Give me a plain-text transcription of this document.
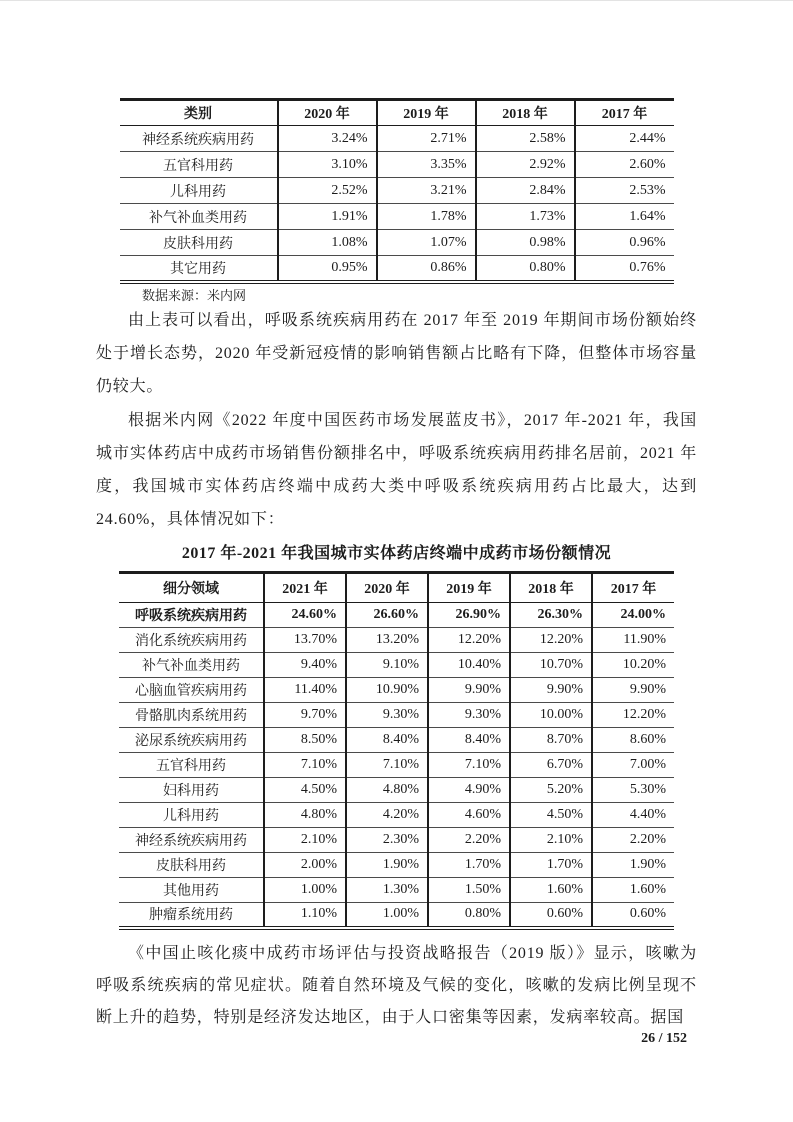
类别	2020 年	2019 年	2018 年	2017 年
神经系统疾病用药	3.24%	2.71%	2.58%	2.44%
五官科用药	3.10%	3.35%	2.92%	2.60%
儿科用药	2.52%	3.21%	2.84%	2.53%
补气补血类用药	1.91%	1.78%	1.73%	1.64%
皮肤科用药	1.08%	1.07%	0.98%	0.96%
其它用药	0.95%	0.86%	0.80%	0.76%
数据来源：米内网

由上表可以看出，呼吸系统疾病用药在 2017 年至 2019 年期间市场份额始终处于增长态势，2020 年受新冠疫情的影响销售额占比略有下降，但整体市场容量仍较大。

根据米内网《2022 年度中国医药市场发展蓝皮书》，2017 年-2021 年，我国城市实体药店中成药市场销售份额排名中，呼吸系统疾病用药排名居前，2021 年度，我国城市实体药店终端中成药大类中呼吸系统疾病用药占比最大，达到 24.60%，具体情况如下：

2017 年-2021 年我国城市实体药店终端中成药市场份额情况
细分领域	2021 年	2020 年	2019 年	2018 年	2017 年
呼吸系统疾病用药	24.60%	26.60%	26.90%	26.30%	24.00%
消化系统疾病用药	13.70%	13.20%	12.20%	12.20%	11.90%
补气补血类用药	9.40%	9.10%	10.40%	10.70%	10.20%
心脑血管疾病用药	11.40%	10.90%	9.90%	9.90%	9.90%
骨骼肌肉系统用药	9.70%	9.30%	9.30%	10.00%	12.20%
泌尿系统疾病用药	8.50%	8.40%	8.40%	8.70%	8.60%
五官科用药	7.10%	7.10%	7.10%	6.70%	7.00%
妇科用药	4.50%	4.80%	4.90%	5.20%	5.30%
儿科用药	4.80%	4.20%	4.60%	4.50%	4.40%
神经系统疾病用药	2.10%	2.30%	2.20%	2.10%	2.20%
皮肤科用药	2.00%	1.90%	1.70%	1.70%	1.90%
其他用药	1.00%	1.30%	1.50%	1.60%	1.60%
肿瘤系统用药	1.10%	1.00%	0.80%	0.60%	0.60%

《中国止咳化痰中成药市场评估与投资战略报告（2019 版）》显示，咳嗽为呼吸系统疾病的常见症状。随着自然环境及气候的变化，咳嗽的发病比例呈现不断上升的趋势，特别是经济发达地区，由于人口密集等因素，发病率较高。据国

26 / 152
